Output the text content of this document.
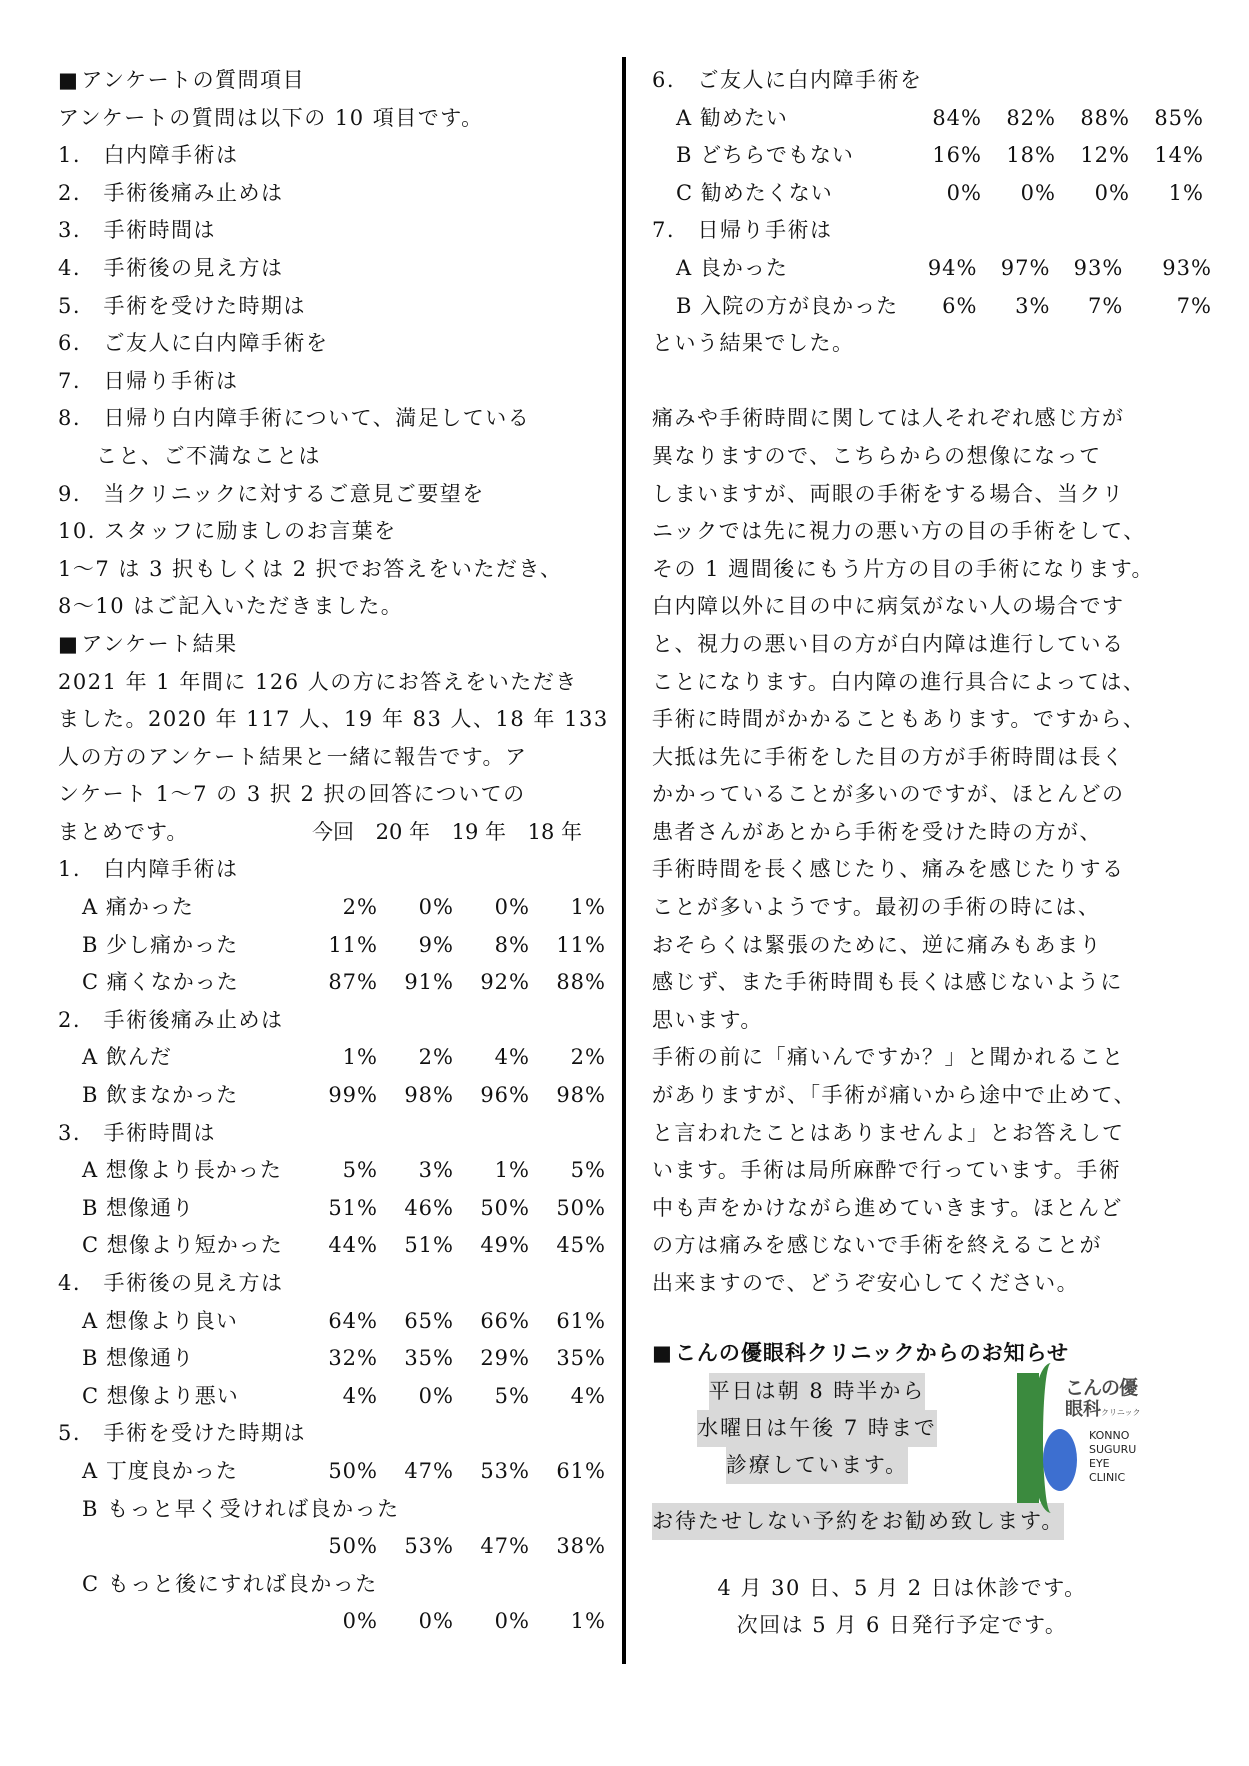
■ アンケートの質問項目
アンケートの質問は以下の 10 項目です。
1.　白内障手術は
2.　手術後痛み止めは
3.　手術時間は
4.　手術後の見え方は
5.　手術を受けた時期は
6.　ご友人に白内障手術を
7.　日帰り手術は
8.　日帰り白内障手術について、満足している
こと、ご不満なことは
9.　当クリニックに対するご意見ご要望を
10. スタッフに励ましのお言葉を
1～7 は 3 択もしくは 2 択でお答えをいただき、
8～10 はご記入いただきました。
■ アンケート結果
2021 年 1 年間に 126 人の方にお答えをいただき
ました。2020 年 117 人、19 年 83 人、18 年 133
人の方のアンケート結果と一緒に報告です。ア
ンケート 1～7 の 3 択 2 択の回答についての
まとめです。	今回	20 年	19 年	18 年
1.　白内障手術は
A 痛かった	2%	0%	0%	1%
B 少し痛かった	11%	9%	8%	11%
C 痛くなかった	87%	91%	92%	88%
2.　手術後痛み止めは
A 飲んだ	1%	2%	4%	2%
B 飲まなかった	99%	98%	96%	98%
3.　手術時間は
A 想像より長かった	5%	3%	1%	5%
B 想像通り	51%	46%	50%	50%
C 想像より短かった	44%	51%	49%	45%
4.　手術後の見え方は
A 想像より良い	64%	65%	66%	61%
B 想像通り	32%	35%	29%	35%
C 想像より悪い	4%	0%	5%	4%
5.　手術を受けた時期は
A 丁度良かった	50%	47%	53%	61%
B もっと早く受ければ良かった
50%	53%	47%	38%
C もっと後にすれば良かった
0%	0%	0%	1%
6.　ご友人に白内障手術を
A 勧めたい	84%	82%	88%	85%
B どちらでもない	16%	18%	12%	14%
C 勧めたくない	0%	0%	0%	1%
7.　日帰り手術は
A 良かった	94%	97%	93%	93%
B 入院の方が良かった	6%	3%	7%	7%
という結果でした。
痛みや手術時間に関しては人それぞれ感じ方が
異なりますので、こちらからの想像になって
しまいますが、両眼の手術をする場合、当クリ
ニックでは先に視力の悪い方の目の手術をして、
その 1 週間後にもう片方の目の手術になります。
白内障以外に目の中に病気がない人の場合です
と、視力の悪い目の方が白内障は進行している
ことになります。白内障の進行具合によっては、
手術に時間がかかることもあります。ですから、
大抵は先に手術をした目の方が手術時間は長く
かかっていることが多いのですが、ほとんどの
患者さんがあとから手術を受けた時の方が、
手術時間を長く感じたり、痛みを感じたりする
ことが多いようです。最初の手術の時には、
おそらくは緊張のために、逆に痛みもあまり
感じず、また手術時間も長くは感じないように
思います。
手術の前に「痛いんですか？」と聞かれること
がありますが、「手術が痛いから途中で止めて、
と言われたことはありませんよ」とお答えして
います。手術は局所麻酔で行っています。手術
中も声をかけながら進めていきます。ほとんど
の方は痛みを感じないで手術を終えることが
出来ますので、どうぞ安心してください。
■ こんの優眼科クリニックからのお知らせ
平日は朝 8 時半から
水曜日は午後 7 時まで
診療しています。
こんの優
眼科クリニック
KONNO
SUGURU
EYE
CLINIC
お待たせしない予約をお勧め致します。
4 月 30 日、5 月 2 日は休診です。
次回は 5 月 6 日発行予定です。
